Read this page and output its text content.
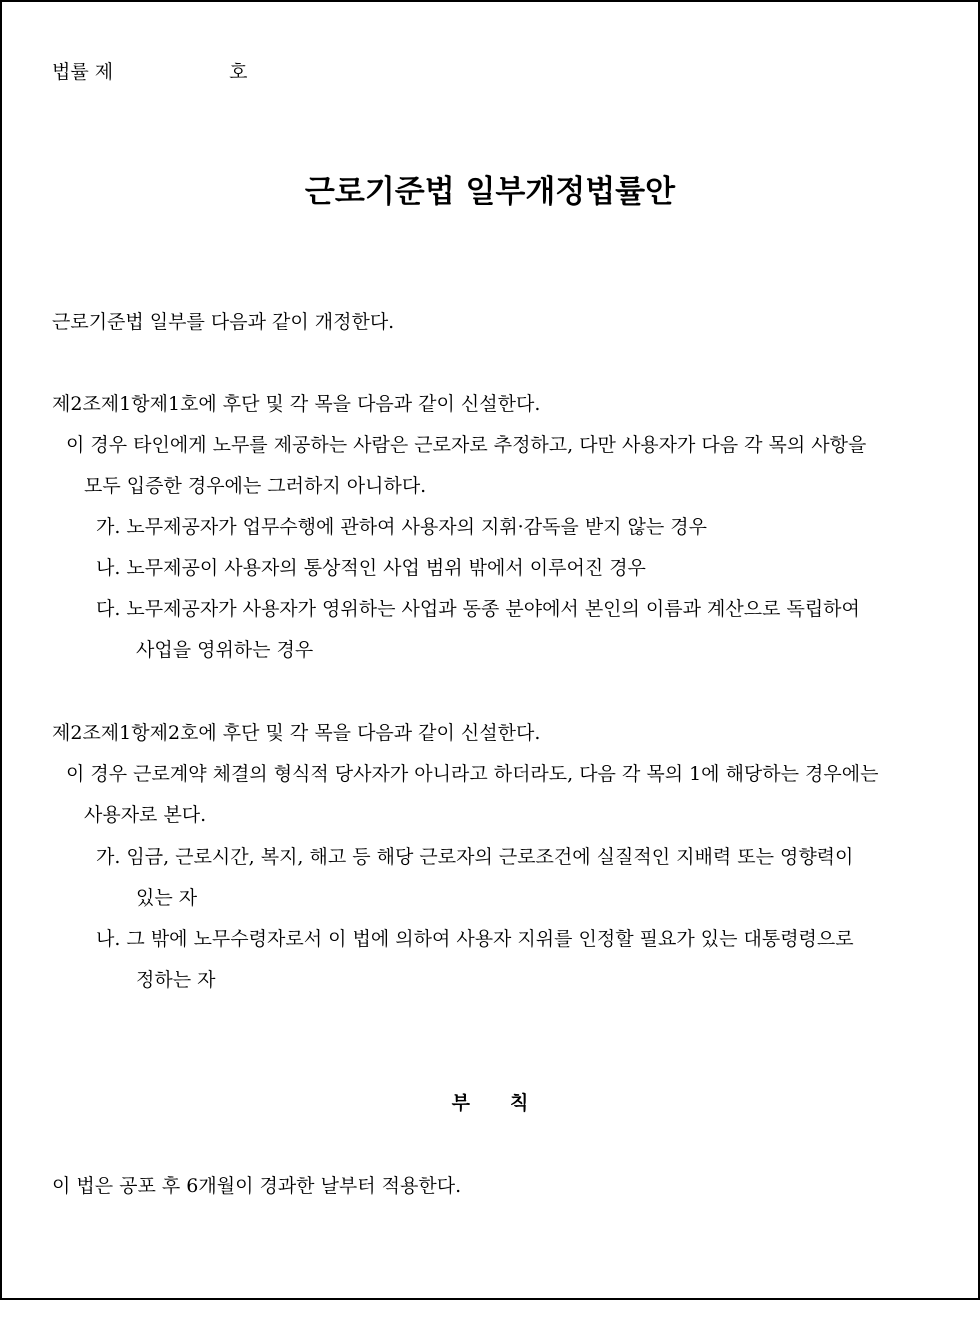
법률 제	호
근로기준법 일부개정법률안
근로기준법 일부를 다음과 같이 개정한다.
제2조제1항제1호에 후단 및 각 목을 다음과 같이 신설한다.
이 경우 타인에게 노무를 제공하는 사람은 근로자로 추정하고, 다만 사용자가 다음 각 목의 사항을
모두 입증한 경우에는 그러하지 아니하다.
가. 노무제공자가 업무수행에 관하여 사용자의 지휘·감독을 받지 않는 경우
나. 노무제공이 사용자의 통상적인 사업 범위 밖에서 이루어진 경우
다. 노무제공자가 사용자가 영위하는 사업과 동종 분야에서 본인의 이름과 계산으로 독립하여
사업을 영위하는 경우
제2조제1항제2호에 후단 및 각 목을 다음과 같이 신설한다.
이 경우 근로계약 체결의 형식적 당사자가 아니라고 하더라도, 다음 각 목의 1에 해당하는 경우에는
사용자로 본다.
가. 임금, 근로시간, 복지, 해고 등 해당 근로자의 근로조건에 실질적인 지배력 또는 영향력이
있는 자
나. 그 밖에 노무수령자로서 이 법에 의하여 사용자 지위를 인정할 필요가 있는 대통령령으로
정하는 자
부 칙
이 법은 공포 후 6개월이 경과한 날부터 적용한다.
